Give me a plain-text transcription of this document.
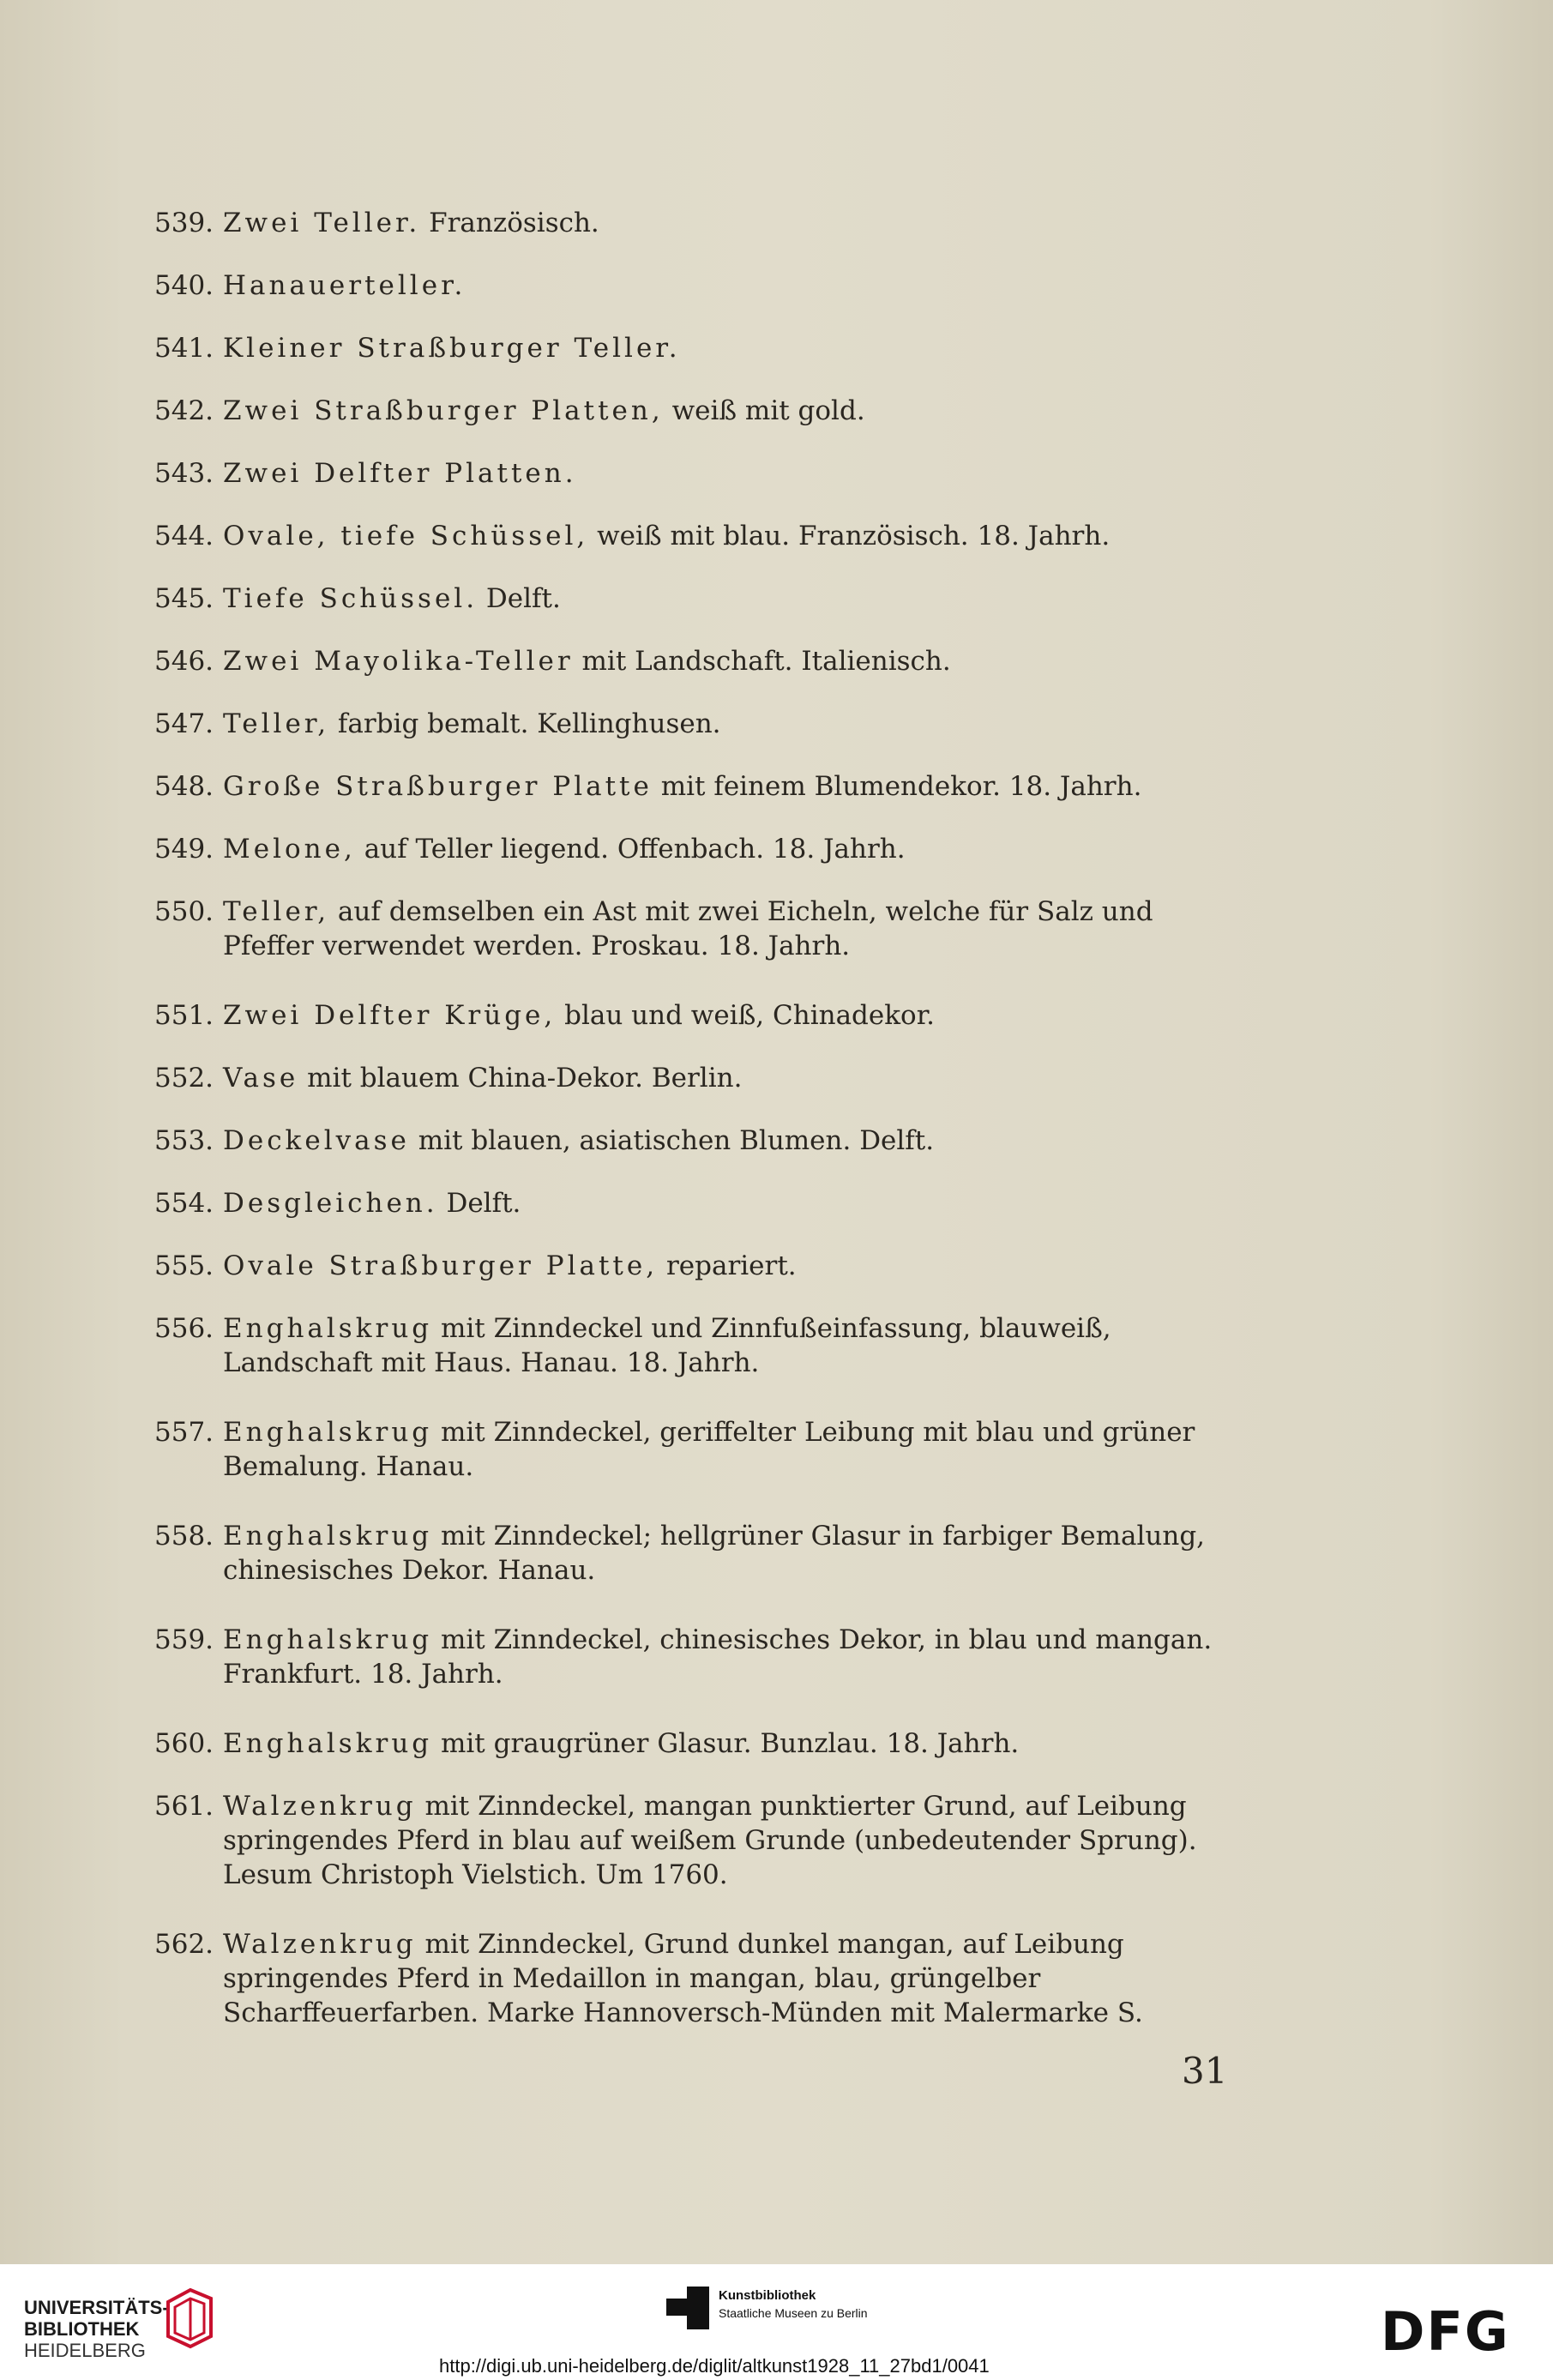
539. Zwei Teller. Französisch.
540. Hanauerteller.
541. Kleiner Straßburger Teller.
542. Zwei Straßburger Platten, weiß mit gold.
543. Zwei Delfter Platten.
544. Ovale, tiefe Schüssel, weiß mit blau. Französisch. 18. Jahrh.
545. Tiefe Schüssel. Delft.
546. Zwei Mayolika-Teller mit Landschaft. Italienisch.
547. Teller, farbig bemalt. Kellinghusen.
548. Große Straßburger Platte mit feinem Blumendekor. 18. Jahrh.
549. Melone, auf Teller liegend. Offenbach. 18. Jahrh.
550. Teller, auf demselben ein Ast mit zwei Eicheln, welche für Salz und Pfeffer verwendet werden. Proskau. 18. Jahrh.
551. Zwei Delfter Krüge, blau und weiß, Chinadekor.
552. Vase mit blauem China-Dekor. Berlin.
553. Deckelvase mit blauen, asiatischen Blumen. Delft.
554. Desgleichen. Delft.
555. Ovale Straßburger Platte, repariert.
556. Enghalskrug mit Zinndeckel und Zinnfußeinfassung, blauweiß, Landschaft mit Haus. Hanau. 18. Jahrh.
557. Enghalskrug mit Zinndeckel, geriffelter Leibung mit blau und grüner Bemalung. Hanau.
558. Enghalskrug mit Zinndeckel; hellgrüner Glasur in farbiger Bemalung, chinesisches Dekor. Hanau.
559. Enghalskrug mit Zinndeckel, chinesisches Dekor, in blau und mangan. Frankfurt. 18. Jahrh.
560. Enghalskrug mit graugrüner Glasur. Bunzlau. 18. Jahrh.
561. Walzenkrug mit Zinndeckel, mangan punktierter Grund, auf Leibung springendes Pferd in blau auf weißem Grunde (unbedeutender Sprung). Lesum Christoph Vielstich. Um 1760.
562. Walzenkrug mit Zinndeckel, Grund dunkel mangan, auf Leibung springendes Pferd in Medaillon in mangan, blau, grüngelber Scharffeuerfarben. Marke Hannoversch-Münden mit Malermarke S.
31
UNIVERSITÄTS-
BIBLIOTHEK
HEIDELBERG
Kunstbibliothek
Staatliche Museen zu Berlin	DFG
http://digi.ub.uni-heidelberg.de/diglit/altkunst1928_11_27bd1/0041
